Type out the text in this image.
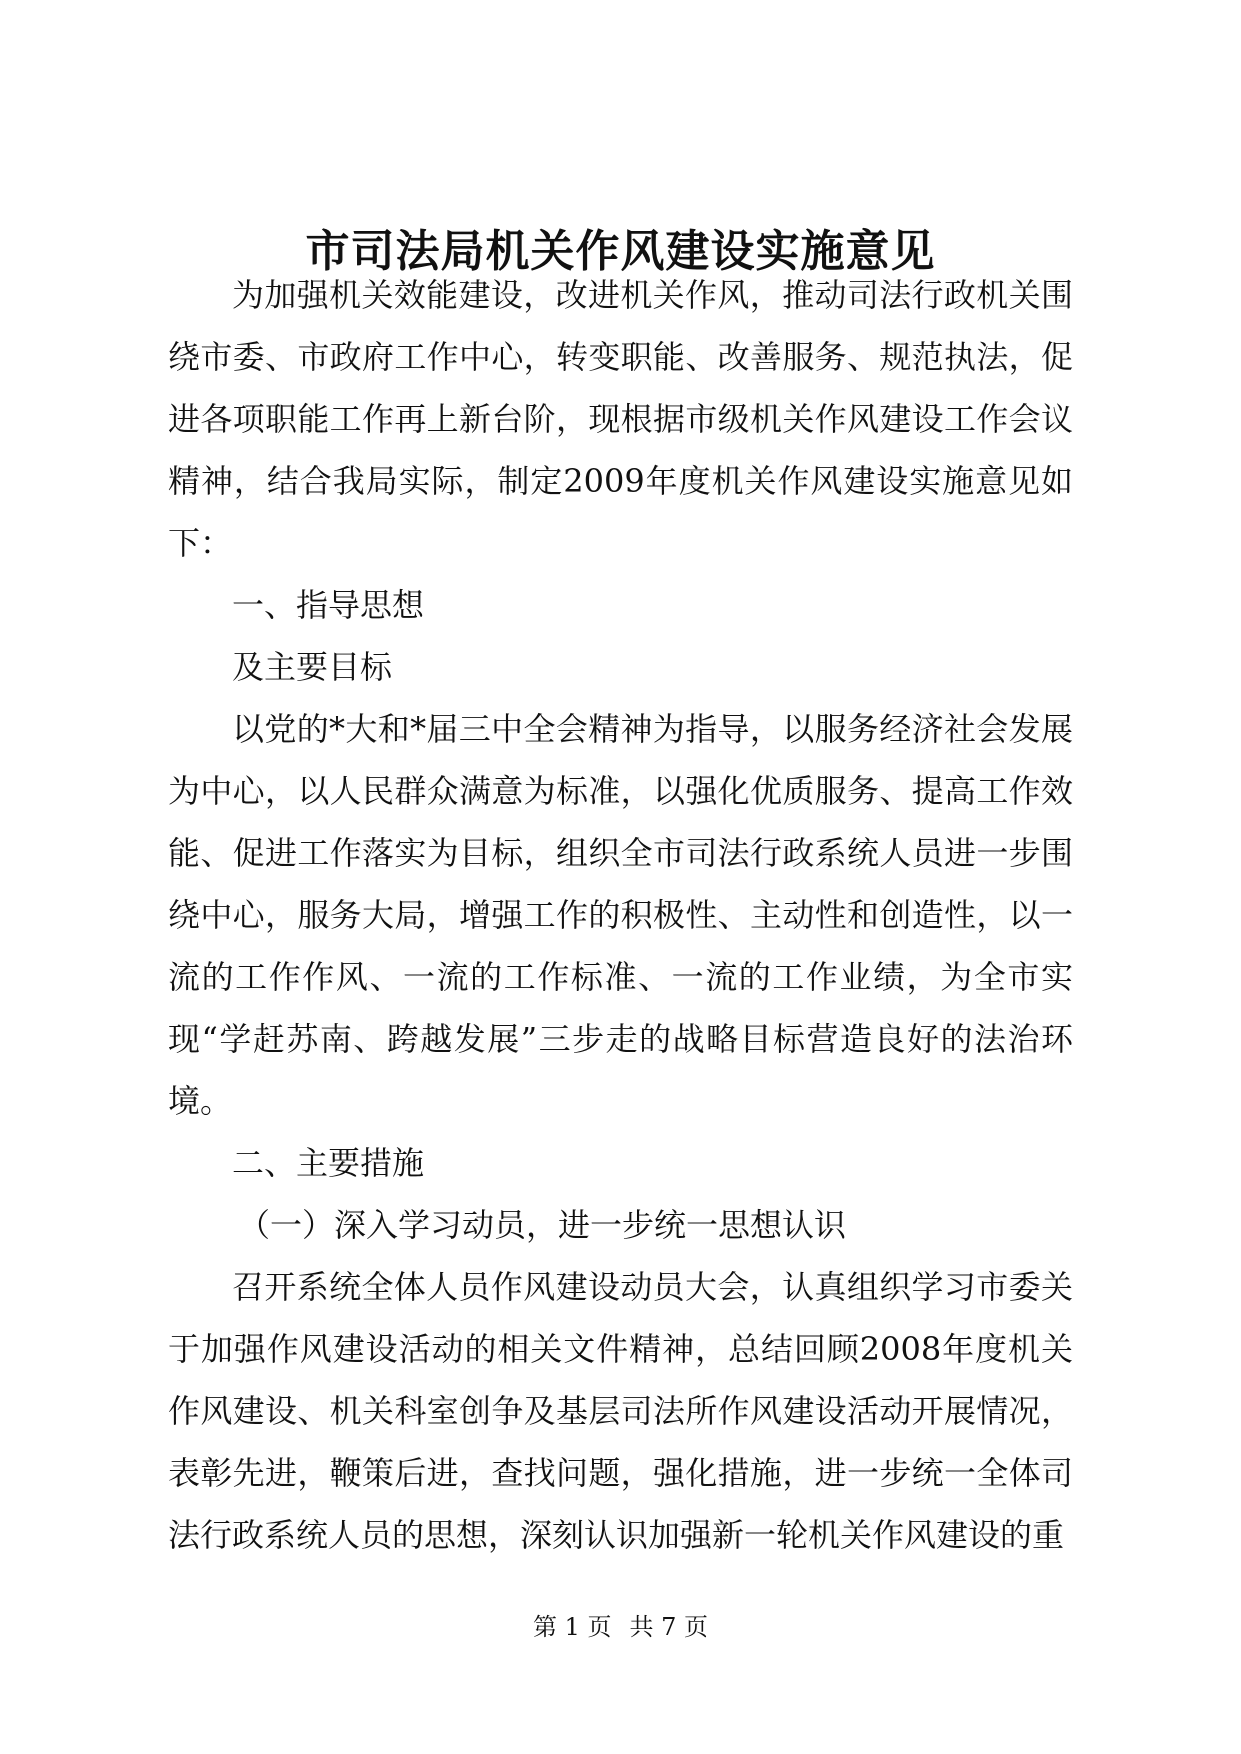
市司法局机关作风建设实施意见

为加强机关效能建设，改进机关作风，推动司法行政机关围绕市委、市政府工作中心，转变职能、改善服务、规范执法，促进各项职能工作再上新台阶，现根据市级机关作风建设工作会议精神，结合我局实际，制定2009年度机关作风建设实施意见如下：

一、指导思想

及主要目标

以党的*大和*届三中全会精神为指导，以服务经济社会发展为中心，以人民群众满意为标准，以强化优质服务、提高工作效能、促进工作落实为目标，组织全市司法行政系统人员进一步围绕中心，服务大局，增强工作的积极性、主动性和创造性，以一流的工作作风、一流的工作标准、一流的工作业绩，为全市实现“学赶苏南、跨越发展”三步走的战略目标营造良好的法治环境。

二、主要措施

（一）深入学习动员，进一步统一思想认识

召开系统全体人员作风建设动员大会，认真组织学习市委关于加强作风建设活动的相关文件精神，总结回顾2008年度机关作风建设、机关科室创争及基层司法所作风建设活动开展情况，表彰先进，鞭策后进，查找问题，强化措施，进一步统一全体司法行政系统人员的思想，深刻认识加强新一轮机关作风建设的重

第 1 页 共 7 页
